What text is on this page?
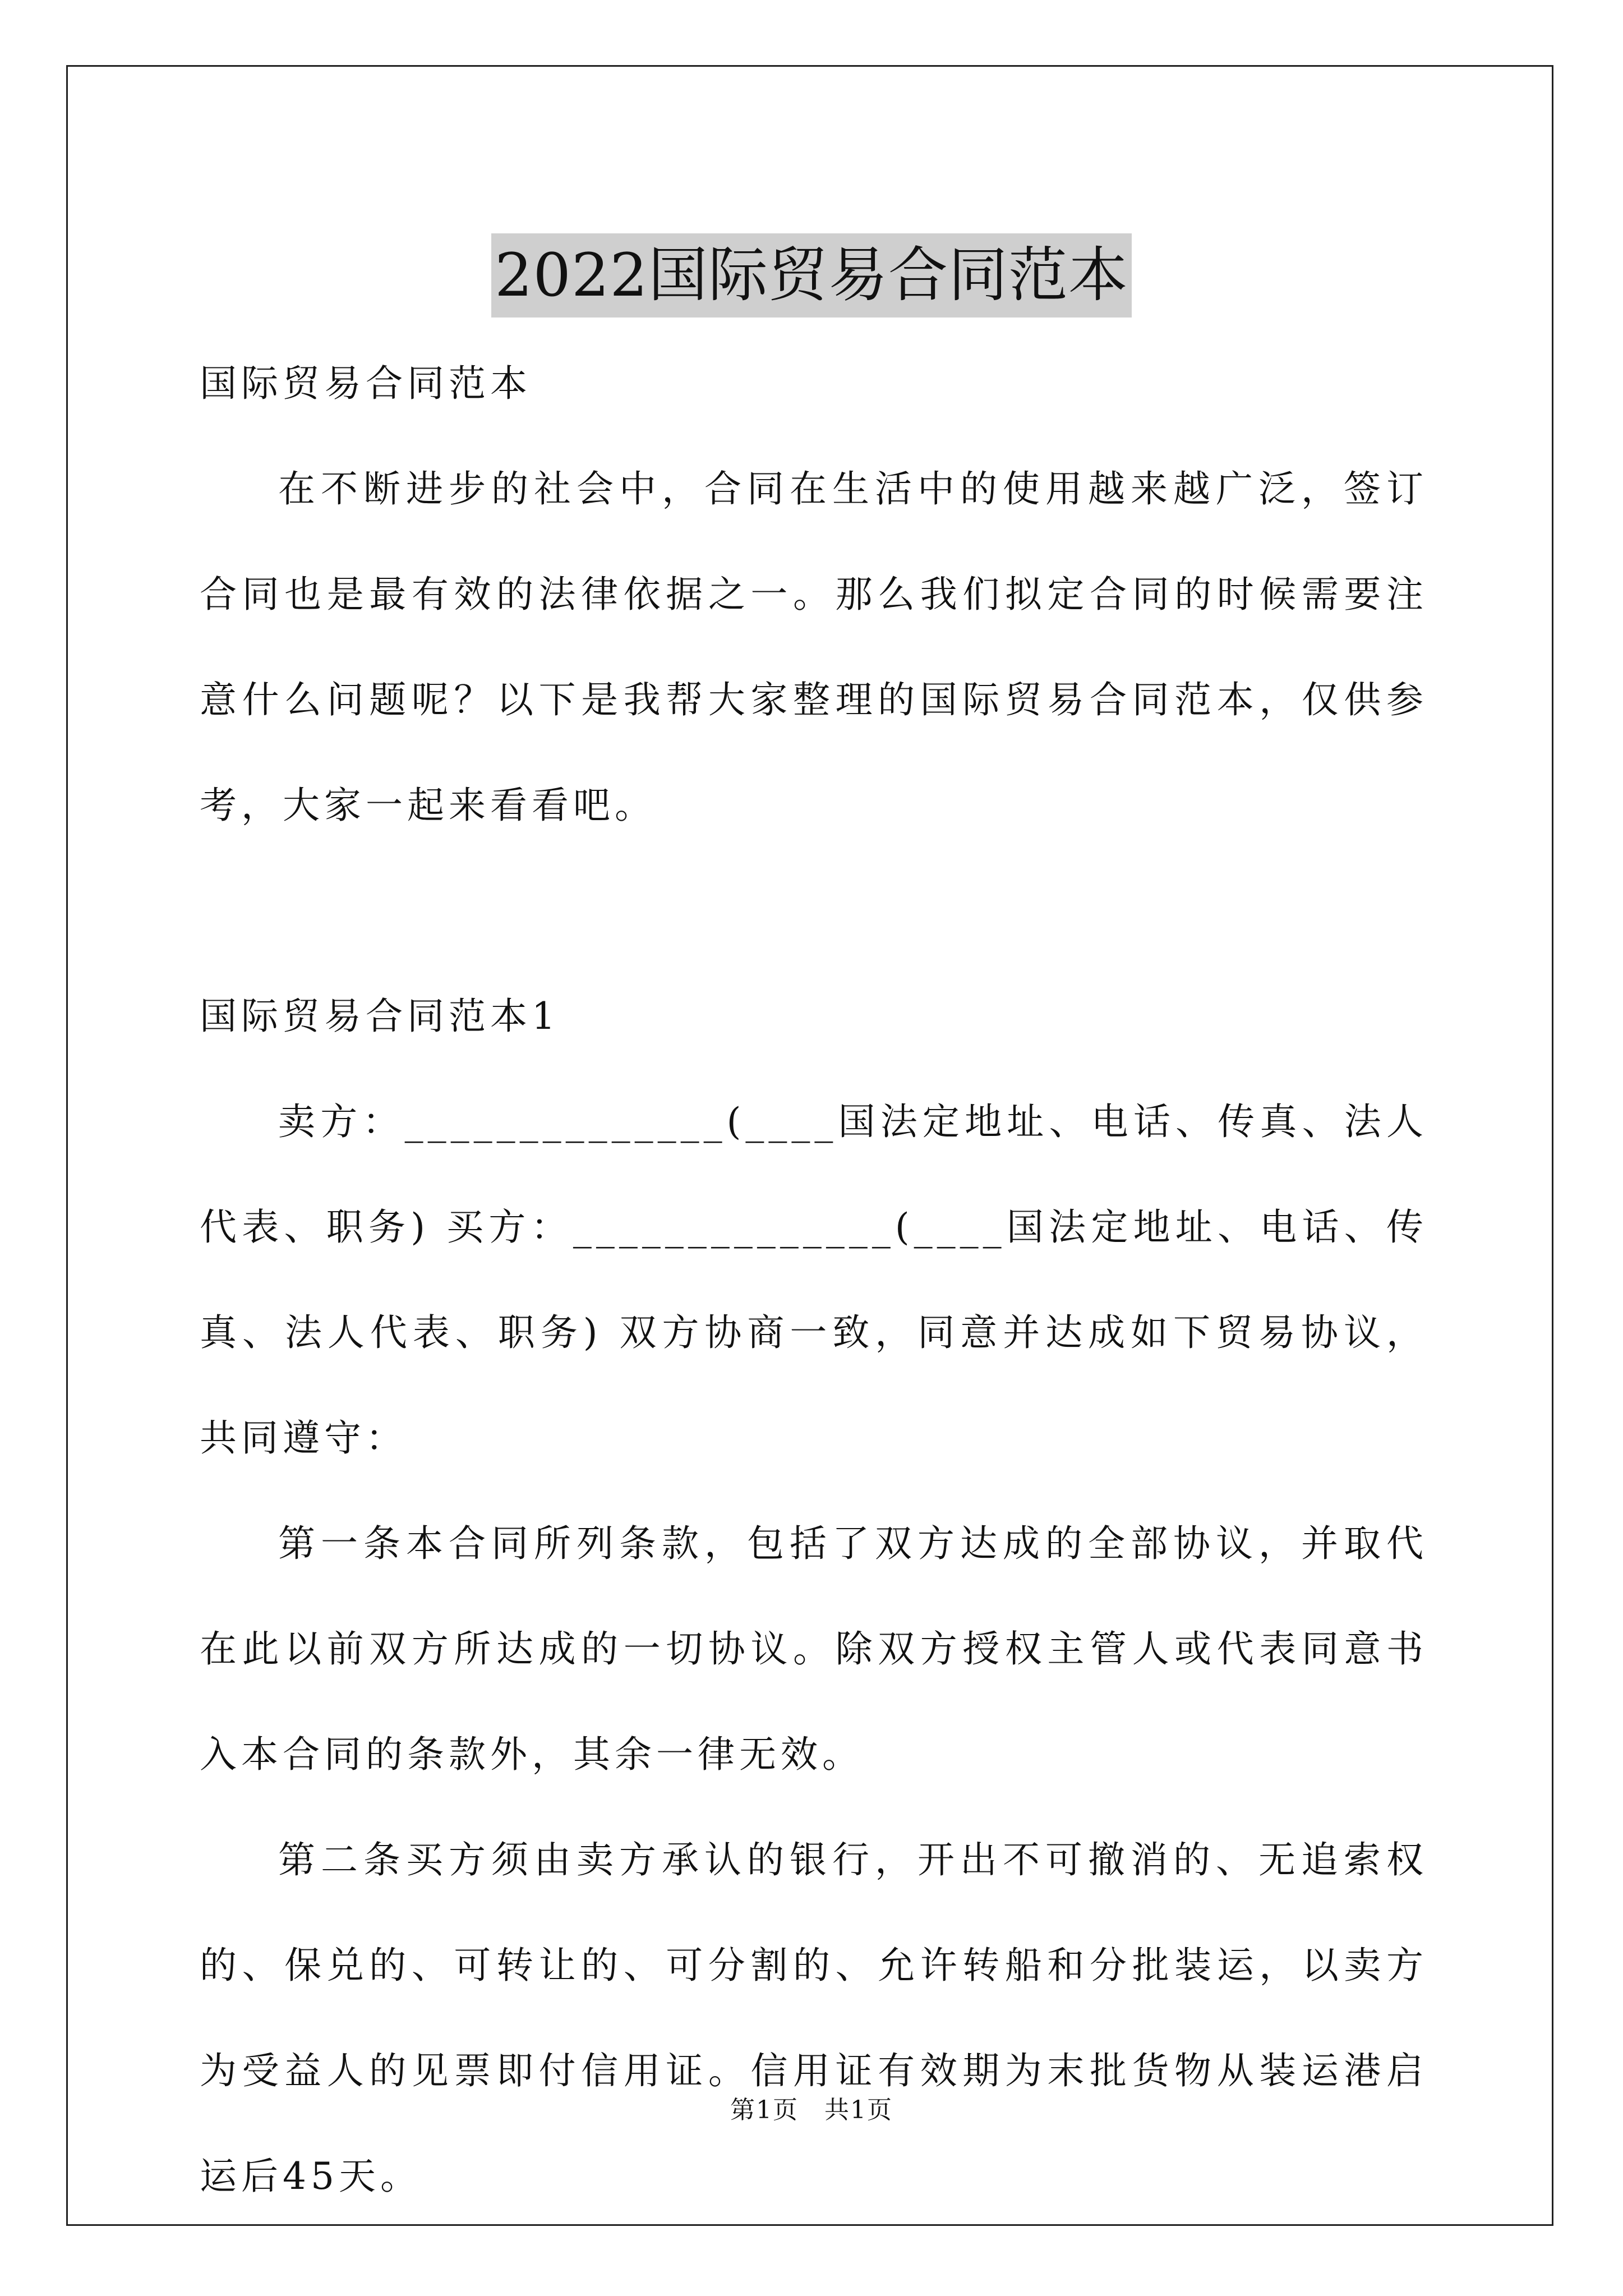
2022国际贸易合同范本

国际贸易合同范本

在不断进步的社会中，合同在生活中的使用越来越广泛，签订合同也是最有效的法律依据之一。那么我们拟定合同的时候需要注意什么问题呢？以下是我帮大家整理的国际贸易合同范本，仅供参考，大家一起来看看吧。

国际贸易合同范本1

卖方：______________(____国法定地址、电话、传真、法人代表、职务) 买方：______________(____国法定地址、电话、传真、法人代表、职务) 双方协商一致，同意并达成如下贸易协议，共同遵守：

第一条本合同所列条款，包括了双方达成的全部协议，并取代在此以前双方所达成的一切协议。除双方授权主管人或代表同意书入本合同的条款外，其余一律无效。

第二条买方须由卖方承认的银行，开出不可撤消的、无追索权的、保兑的、可转让的、可分割的、允许转船和分批装运，以卖方为受益人的见票即付信用证。信用证有效期为末批货物从装运港启运后45天。

第1页　共1页
